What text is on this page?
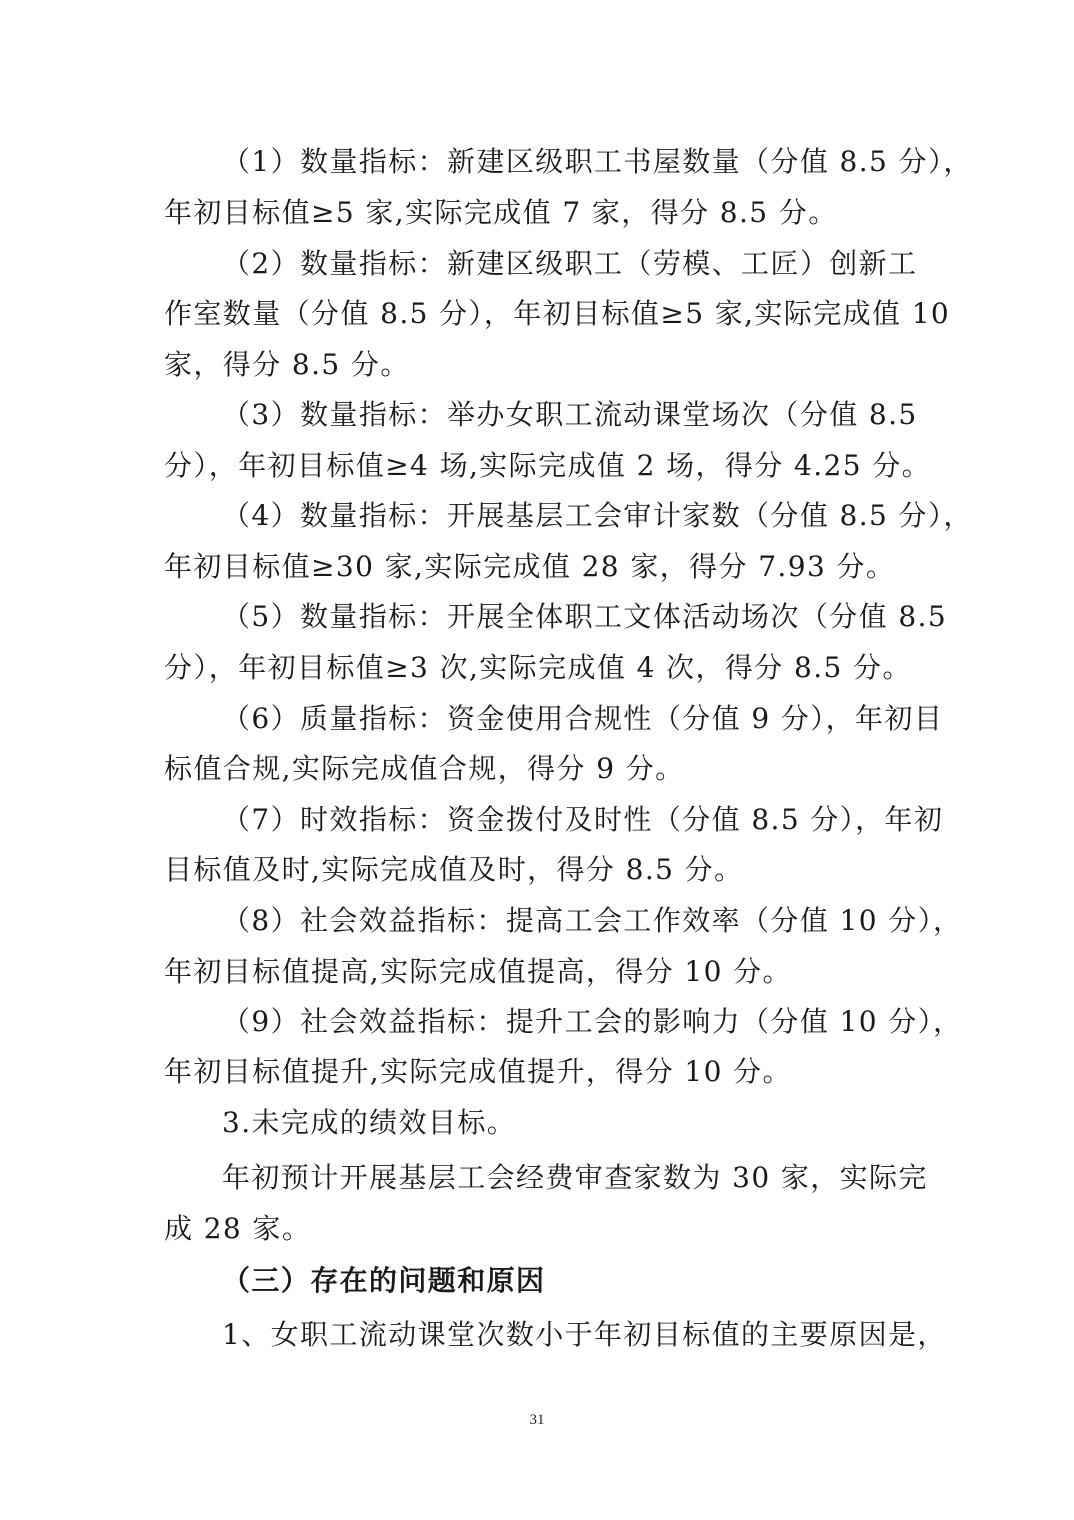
（1）数量指标：新建区级职工书屋数量（分值 8.5 分），
年初目标值≥5 家,实际完成值 7 家，得分 8.5 分。
（2）数量指标：新建区级职工（劳模、工匠）创新工
作室数量（分值 8.5 分），年初目标值≥5 家,实际完成值 10
家，得分 8.5 分。
（3）数量指标：举办女职工流动课堂场次（分值 8.5
分），年初目标值≥4 场,实际完成值 2 场，得分 4.25 分。
（4）数量指标：开展基层工会审计家数（分值 8.5 分），
年初目标值≥30 家,实际完成值 28 家，得分 7.93 分。
（5）数量指标：开展全体职工文体活动场次（分值 8.5
分），年初目标值≥3 次,实际完成值 4 次，得分 8.5 分。
（6）质量指标：资金使用合规性（分值 9 分），年初目
标值合规,实际完成值合规，得分 9 分。
（7）时效指标：资金拨付及时性（分值 8.5 分），年初
目标值及时,实际完成值及时，得分 8.5 分。
（8）社会效益指标：提高工会工作效率（分值 10 分），
年初目标值提高,实际完成值提高，得分 10 分。
（9）社会效益指标：提升工会的影响力（分值 10 分），
年初目标值提升,实际完成值提升，得分 10 分。
3.未完成的绩效目标。
年初预计开展基层工会经费审查家数为 30 家，实际完
成 28 家。
（三）存在的问题和原因
1、女职工流动课堂次数小于年初目标值的主要原因是，
31
